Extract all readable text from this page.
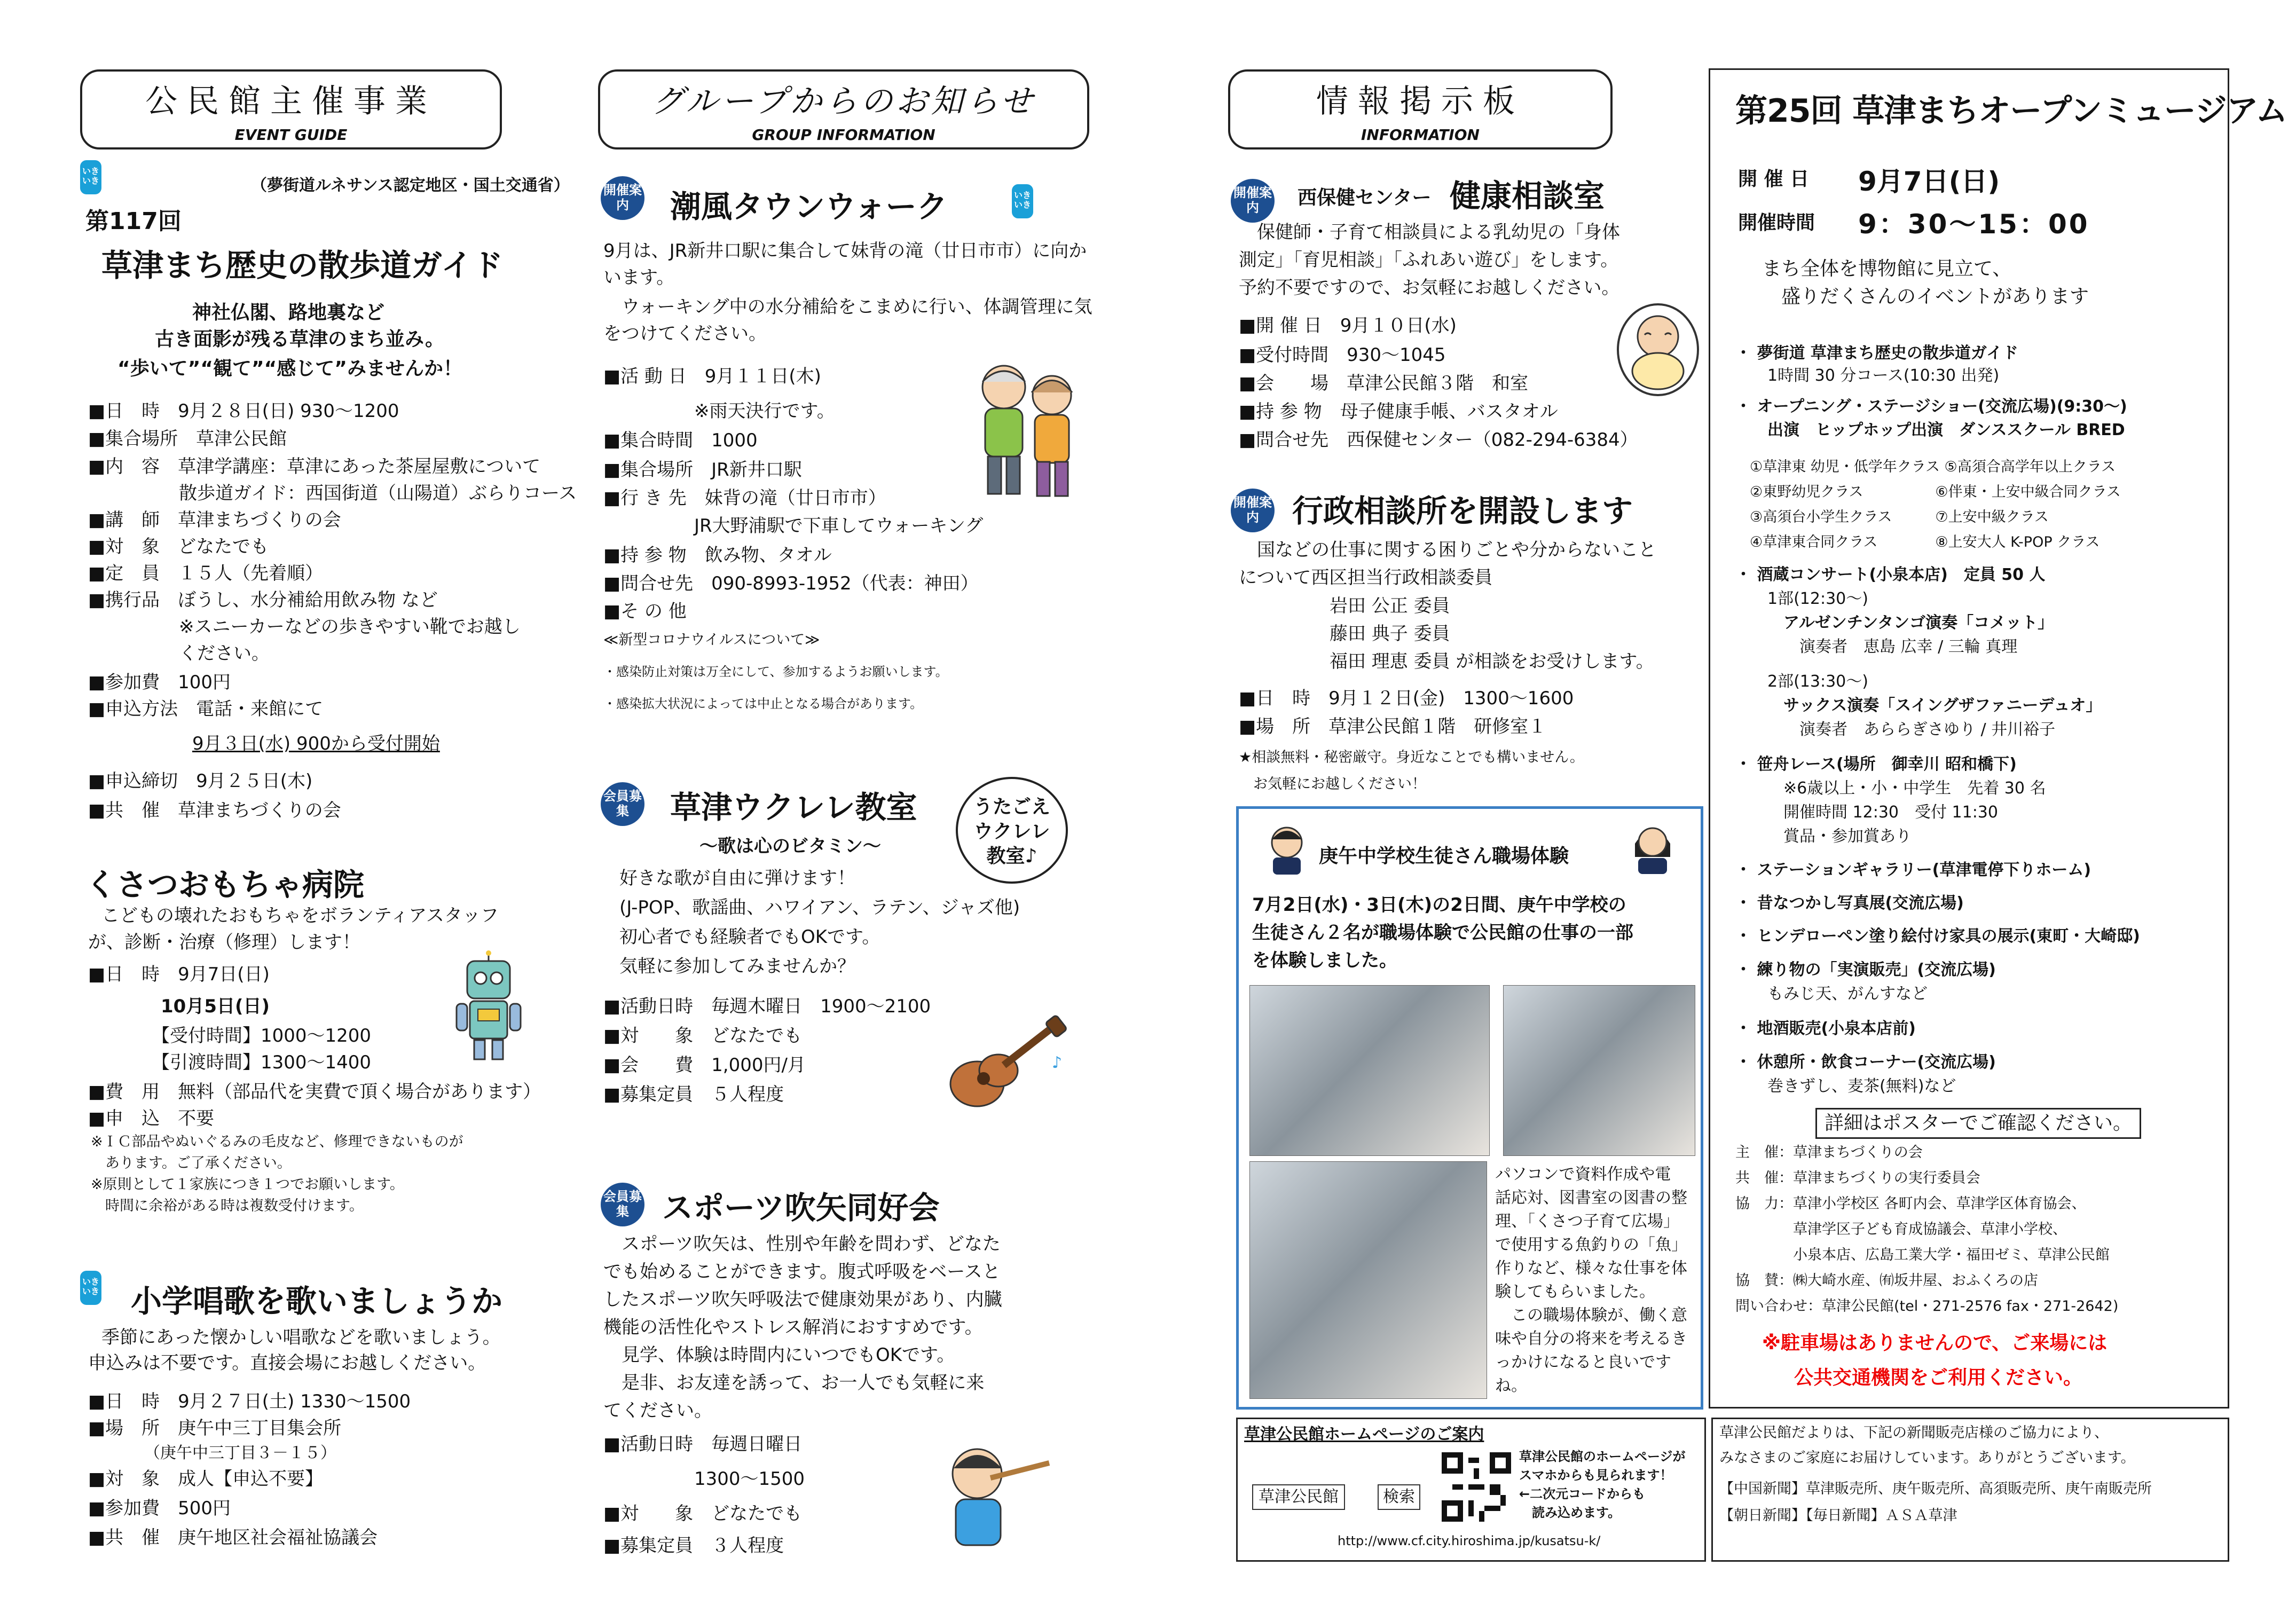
公民館主催事業
EVENT GUIDE
いきいき	（夢街道ルネサンス認定地区・国土交通省）
第117回
草津まち歴史の散歩道ガイド
神社仏閣、路地裏など
古き面影が残る草津のまち並み。
“歩いて”“観て”“感じて”みませんか！
■日　時　9月２８日(日) 930～1200
■集合場所　草津公民館
■内　容　草津学講座：草津にあった茶屋屋敷について
　　　　　散歩道ガイド：西国街道（山陽道）ぶらりコース
■講　師　草津まちづくりの会
■対　象　どなたでも
■定　員　１５人（先着順）
■携行品　ぼうし、水分補給用飲み物 など
　　　　　※スニーカーなどの歩きやすい靴でお越し
　　　　　ください。
■参加費　100円
■申込方法　電話・来館にて
9月３日(水) 900から受付開始
■申込締切　9月２５日(木)
■共　催　草津まちづくりの会
くさつおもちゃ病院
こどもの壊れたおもちゃをボランティアスタッフ
が、診断・治療（修理）します！
■日　時　9月7日(日)
　　　　10月5日(日)
　　　　【受付時間】1000～1200
　　　　【引渡時間】1300～1400
■費　用　無料（部品代を実費で頂く場合があります）
■申　込　不要
※ＩＣ部品やぬいぐるみの毛皮など、修理できないものが
　あります。ご了承ください。
※原則として１家族につき１つでお願いします。
　時間に余裕がある時は複数受付けます。
いきいき 小学唱歌を歌いましょうか
季節にあった懐かしい唱歌などを歌いましょう。
申込みは不要です。直接会場にお越しください。
■日　時　9月２７日(土) 1330～1500
■場　所　庚午中三丁目集会所
　　　　（庚午中三丁目３－１５）
■対　象　成人【申込不要】
■参加費　500円
■共　催　庚午地区社会福祉協議会
グループからのお知らせ
GROUP INFORMATION
開催案内	潮風タウンウォーク	いきいき
9月は、JR新井口駅に集合して妹背の滝（廿日市市）に向かいます。
　ウォーキング中の水分補給をこまめに行い、体調管理に気をつけてください。
■活 動 日　9月１１日(木)
　　　　　※雨天決行です。
■集合時間　1000
■集合場所　JR新井口駅
■行 き 先　妹背の滝（廿日市市）
　　　　　JR大野浦駅で下車してウォーキング
■持 参 物　飲み物、タオル
■問合せ先　090-8993-1952（代表：神田）
■そ の 他
≪新型コロナウイルスについて≫
・感染防止対策は万全にして、参加するようお願いします。
・感染拡大状況によっては中止となる場合があります。
会員募集	草津ウクレレ教室
～歌は心のビタミン～
うたごえウクレレ教室♪
好きな歌が自由に弾けます！
(J-POP、歌謡曲、ハワイアン、ラテン、ジャズ他)
初心者でも経験者でもOKです。
気軽に参加してみませんか？
■活動日時　毎週木曜日　1900～2100
■対　　象　どなたでも
■会　　費　1,000円/月
■募集定員　５人程度
♪
会員募集	スポーツ吹矢同好会
　スポーツ吹矢は、性別や年齢を問わず、どなた
でも始めることができます。腹式呼吸をベースと
したスポーツ吹矢呼吸法で健康効果があり、内臓
機能の活性化やストレス解消におすすめです。
　見学、体験は時間内にいつでもOKです。
　是非、お友達を誘って、お一人でも気軽に来
てください。
■活動日時　毎週日曜日
　　　　　1300～1500
■対　　象　どなたでも
■募集定員　３人程度
情報掲示板
INFORMATION
開催案内	西保健センター 健康相談室
　保健師・子育て相談員による乳幼児の「身体
測定」「育児相談」「ふれあい遊び」をします。
予約不要ですので、お気軽にお越しください。
■開 催 日　9月１０日(水)
■受付時間　930～1045
■会　　場　草津公民館３階　和室
■持 参 物　母子健康手帳、バスタオル
■問合せ先　西保健センター（082-294-6384）
開催案内	行政相談所を開設します
　国などの仕事に関する困りごとや分からないこと
について西区担当行政相談委員
　　　　　岩田 公正 委員
　　　　　藤田 典子 委員
　　　　　福田 理恵 委員 が相談をお受けします。
■日　時　9月１２日(金)　1300～1600
■場　所　草津公民館１階　研修室１
★相談無料・秘密厳守。身近なことでも構いません。
　お気軽にお越しください！
庚午中学校生徒さん職場体験
7月2日(水)・3日(木)の2日間、庚午中学校の
生徒さん２名が職場体験で公民館の仕事の一部
を体験しました。
パソコンで資料作成や電
話応対、図書室の図書の整
理、「くさつ子育て広場」
で使用する魚釣りの「魚」
作りなど、様々な仕事を体
験してもらいました。
　この職場体験が、働く意
味や自分の将来を考えるき
っかけになると良いです
ね。
草津公民館ホームページのご案内
草津公民館	検索
草津公民館のホームページが
スマホからも見られます！
←二次元コードからも
　読み込めます。
http://www.cf.city.hiroshima.jp/kusatsu-k/
草津公民館だよりは、下記の新聞販売店様のご協力により、
みなさまのご家庭にお届けしています。ありがとうございます。
【中国新聞】草津販売所、庚午販売所、高須販売所、庚午南販売所
【朝日新聞】【毎日新聞】ＡＳＡ草津
第25回 草津まちオープンミュージアム
開 催 日 9月7日(日)
開催時間 9：30～15：00
まち全体を博物館に見立て、
　盛りだくさんのイベントがあります
・ 夢街道 草津まち歴史の散歩道ガイド
　　1時間 30 分コース(10:30 出発)
・ オープニング・ステージショー(交流広場)(9:30～)
　　出演　ヒップホップ出演　ダンススクール BRED
　①草津東 幼児・低学年クラス ⑤高須合高学年以上クラス
　②東野幼児クラス　　　　　⑥伴東・上安中級合同クラス
　③高須台小学生クラス　　　⑦上安中級クラス
　④草津東合同クラス　　　　⑧上安大人 K-POP クラス
・ 酒蔵コンサート(小泉本店)　定員 50 人
　　1部(12:30～)
　　　アルゼンチンタンゴ演奏「コメット」
　　　　演奏者　恵島 広幸 / 三輪 真理
　　2部(13:30～)
　　　サックス演奏「スイングザファニーデュオ」
　　　　演奏者　あららぎさゆり / 井川裕子
・ 笹舟レース(場所　御幸川 昭和橋下)
　　　※6歳以上・小・中学生　先着 30 名
　　　開催時間 12:30　受付 11:30
　　　賞品・参加賞あり
・ ステーションギャラリー(草津電停下りホーム)
・ 昔なつかし写真展(交流広場)
・ ヒンデローペン塗り絵付け家具の展示(東町・大崎邸)
・ 練り物の「実演販売」(交流広場)
　　もみじ天、がんすなど
・ 地酒販売(小泉本店前)
・ 休憩所・飲食コーナー(交流広場)
　　巻きずし、麦茶(無料)など
詳細はポスターでご確認ください。
主　催：草津まちづくりの会
共　催：草津まちづくりの実行委員会
協　力：草津小学校区 各町内会、草津学区体育協会、
　　　　草津学区子ども育成協議会、草津小学校、
　　　　小泉本店、広島工業大学・福田ゼミ、草津公民館
協　賛：㈱大崎水産、㈲坂井屋、おふくろの店
問い合わせ：草津公民館(tel・271-2576 fax・271-2642)
※駐車場はありませんので、ご来場には
公共交通機関をご利用ください。
